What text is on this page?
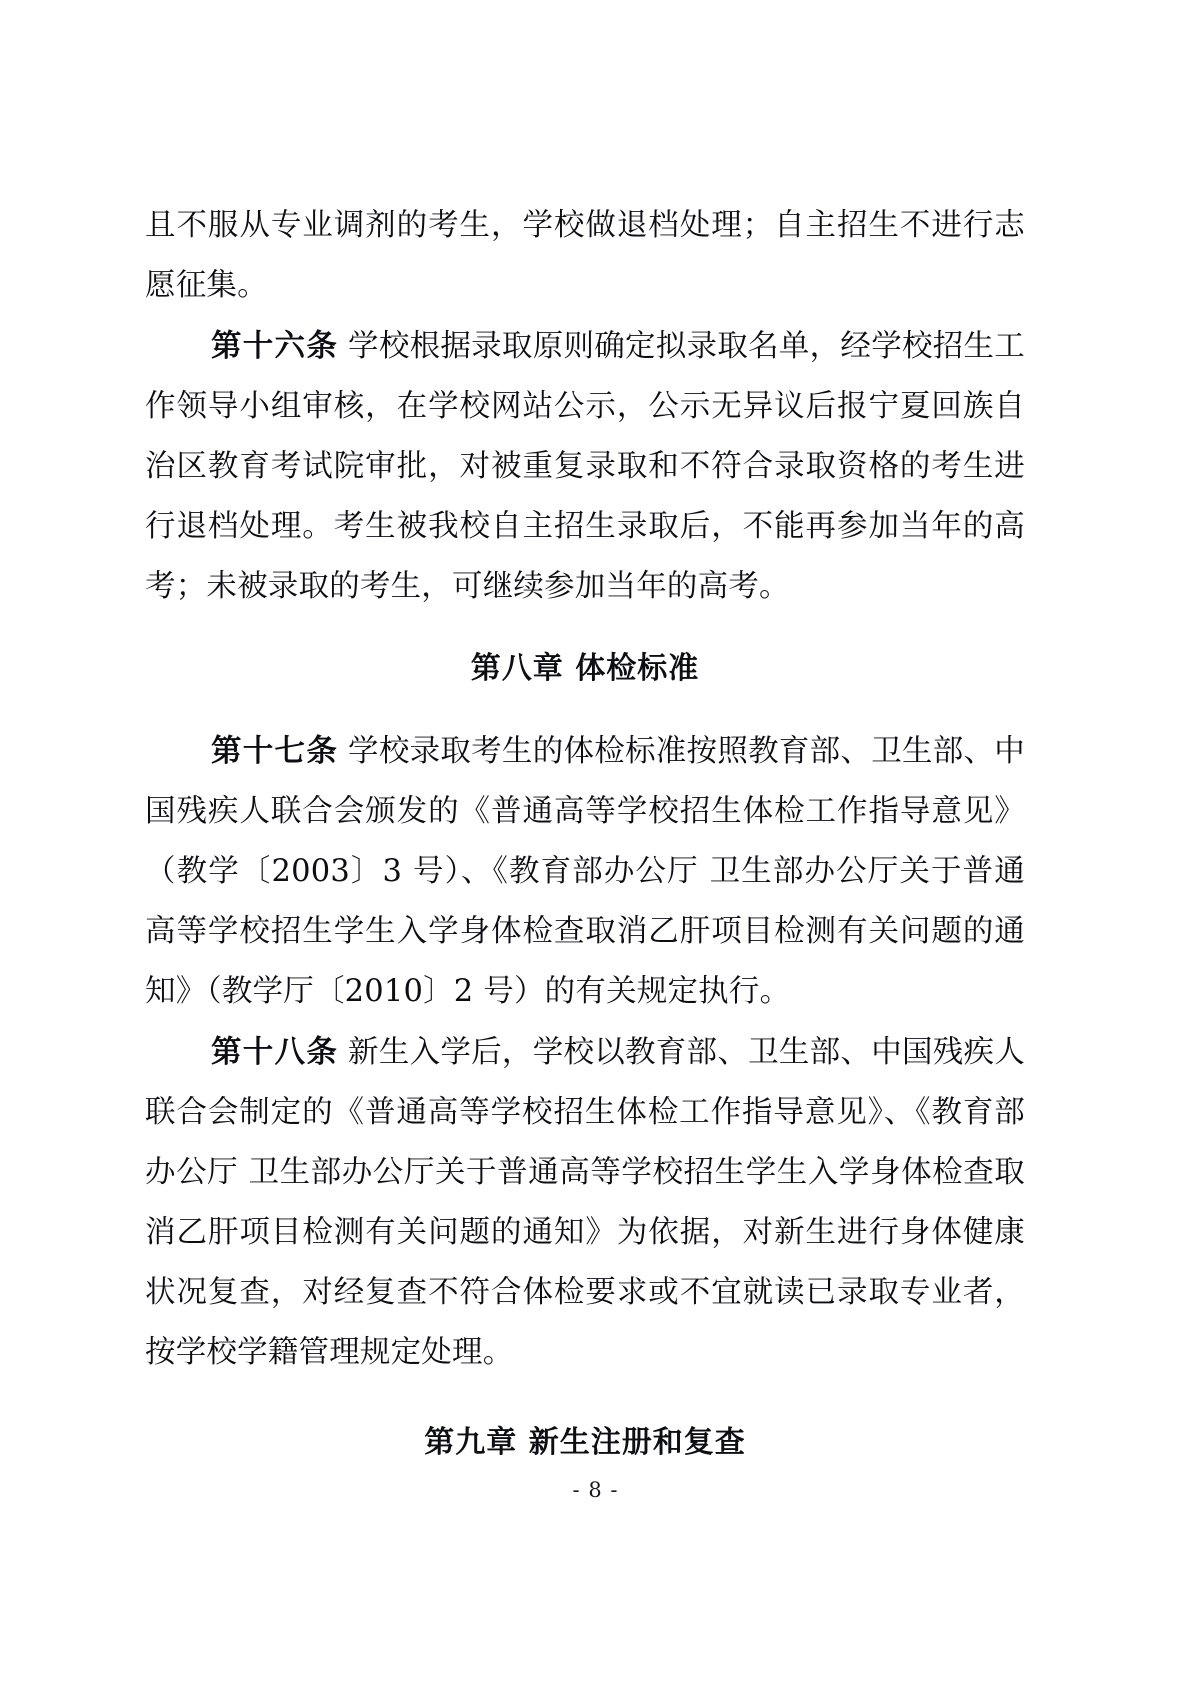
且不服从专业调剂的考生，学校做退档处理；自主招生不进行志愿征集。

第十六条 学校根据录取原则确定拟录取名单，经学校招生工作领导小组审核，在学校网站公示，公示无异议后报宁夏回族自治区教育考试院审批，对被重复录取和不符合录取资格的考生进行退档处理。考生被我校自主招生录取后，不能再参加当年的高考；未被录取的考生，可继续参加当年的高考。

第八章 体检标准

第十七条 学校录取考生的体检标准按照教育部、卫生部、中国残疾人联合会颁发的《普通高等学校招生体检工作指导意见》（教学〔2003〕3 号）、《教育部办公厅 卫生部办公厅关于普通高等学校招生学生入学身体检查取消乙肝项目检测有关问题的通知》（教学厅〔2010〕2 号）的有关规定执行。

第十八条 新生入学后，学校以教育部、卫生部、中国残疾人联合会制定的《普通高等学校招生体检工作指导意见》、《教育部办公厅 卫生部办公厅关于普通高等学校招生学生入学身体检查取消乙肝项目检测有关问题的通知》为依据，对新生进行身体健康状况复查，对经复查不符合体检要求或不宜就读已录取专业者，按学校学籍管理规定处理。

第九章 新生注册和复查

- 8 -
